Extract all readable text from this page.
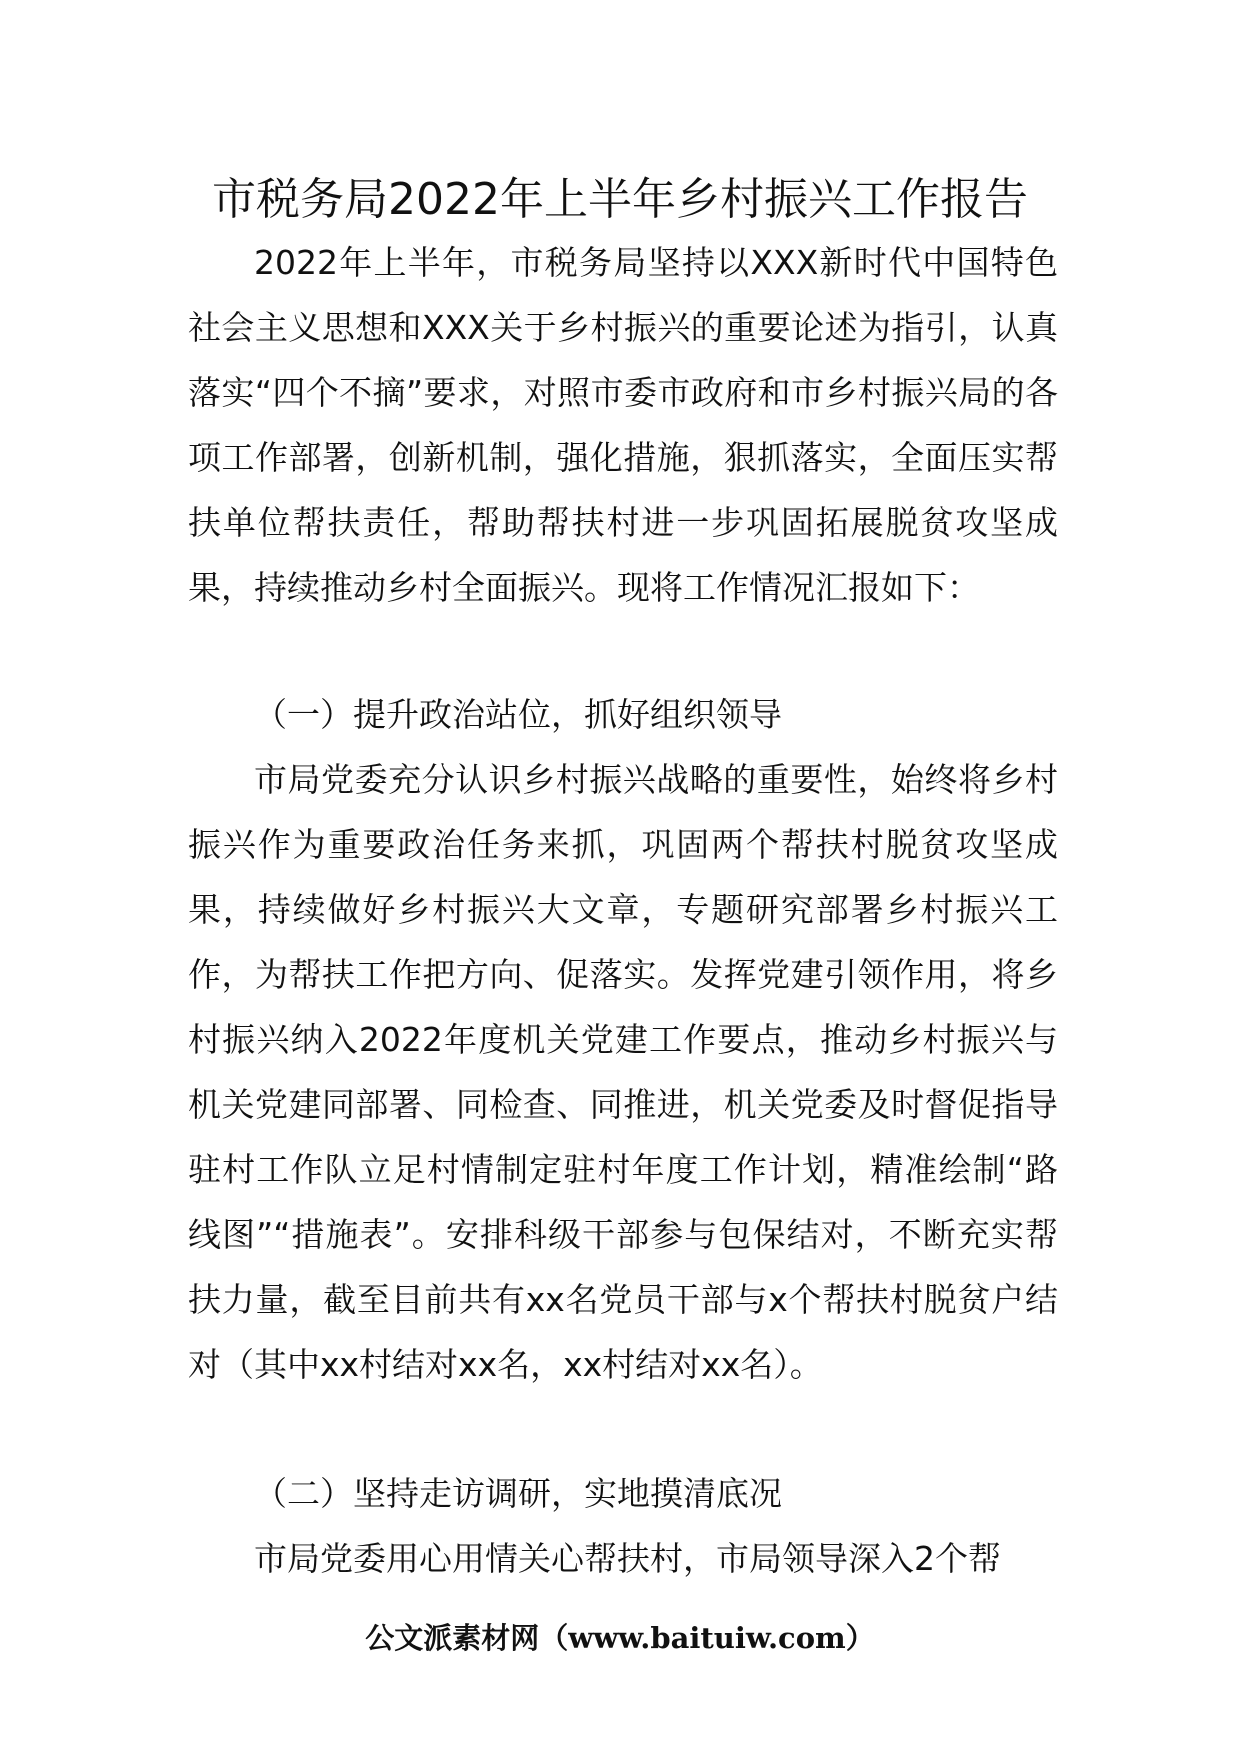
市税务局2022年上半年乡村振兴工作报告

2022年上半年，市税务局坚持以XXX新时代中国特色社会主义思想和XXX关于乡村振兴的重要论述为指引，认真落实“四个不摘”要求，对照市委市政府和市乡村振兴局的各项工作部署，创新机制，强化措施，狠抓落实，全面压实帮扶单位帮扶责任，帮助帮扶村进一步巩固拓展脱贫攻坚成果，持续推动乡村全面振兴。现将工作情况汇报如下：

（一）提升政治站位，抓好组织领导

市局党委充分认识乡村振兴战略的重要性，始终将乡村振兴作为重要政治任务来抓，巩固两个帮扶村脱贫攻坚成果，持续做好乡村振兴大文章，专题研究部署乡村振兴工作，为帮扶工作把方向、促落实。发挥党建引领作用，将乡村振兴纳入2022年度机关党建工作要点，推动乡村振兴与机关党建同部署、同检查、同推进，机关党委及时督促指导驻村工作队立足村情制定驻村年度工作计划，精准绘制“路线图”“措施表”。安排科级干部参与包保结对，不断充实帮扶力量，截至目前共有xx名党员干部与x个帮扶村脱贫户结对（其中xx村结对xx名，xx村结对xx名）。

（二）坚持走访调研，实地摸清底况

市局党委用心用情关心帮扶村，市局领导深入2个帮

公文派素材网（www.baituiw.com）
